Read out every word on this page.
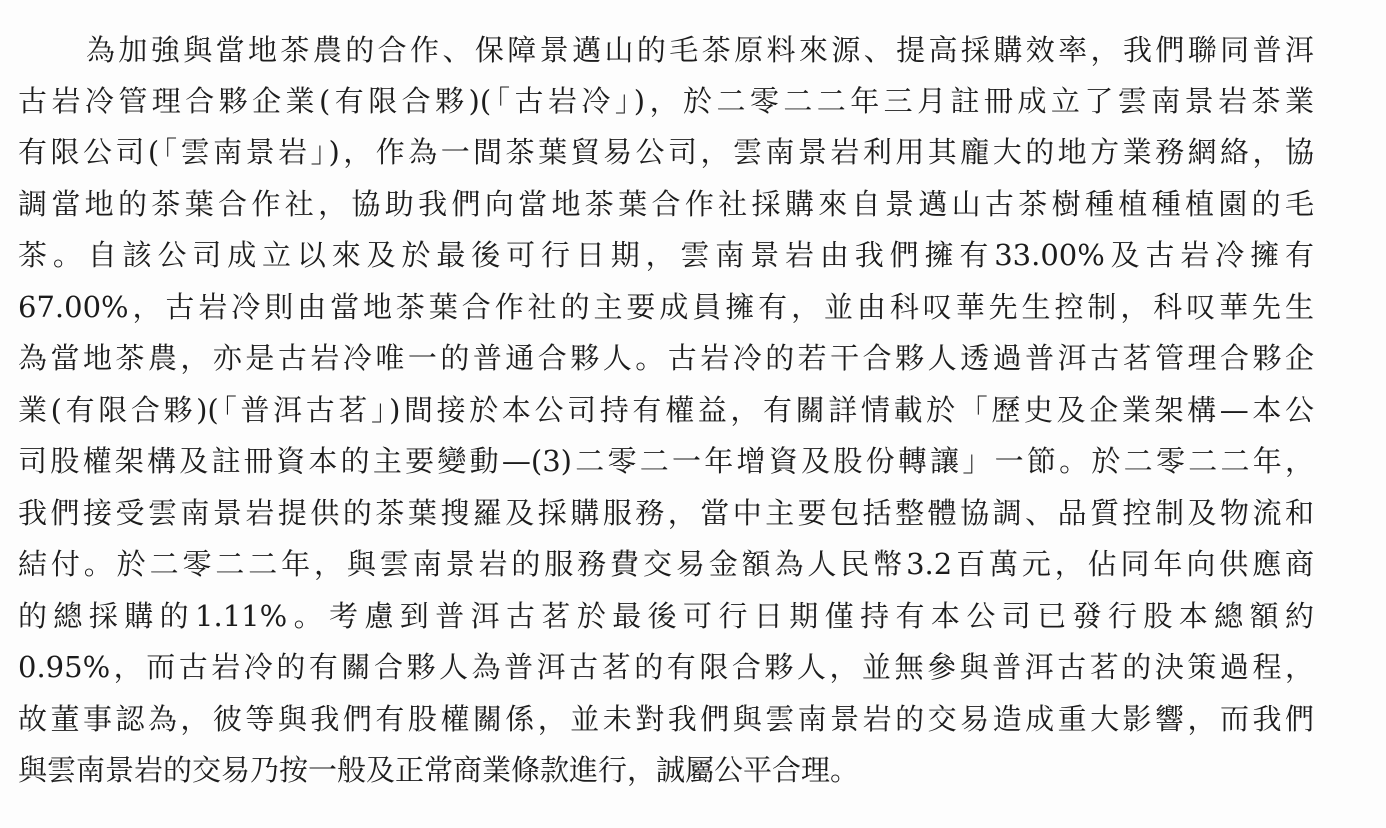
為加強與當地茶農的合作、保障景邁山的毛茶原料來源、提高採購效率，我們聯同普洱
古岩冷管理合夥企業(有限合夥)(「古岩冷」)，於二零二二年三月註冊成立了雲南景岩茶業
有限公司(「雲南景岩」)，作為一間茶葉貿易公司，雲南景岩利用其龐大的地方業務網絡，協
調當地的茶葉合作社，協助我們向當地茶葉合作社採購來自景邁山古茶樹種植種植園的毛
茶。自該公司成立以來及於最後可行日期，雲南景岩由我們擁有33.00%及古岩冷擁有
67.00%，古岩冷則由當地茶葉合作社的主要成員擁有，並由科叹華先生控制，科叹華先生
為當地茶農，亦是古岩冷唯一的普通合夥人。古岩冷的若干合夥人透過普洱古茗管理合夥企
業(有限合夥)(「普洱古茗」)間接於本公司持有權益，有關詳情載於「歷史及企業架構—本公
司股權架構及註冊資本的主要變動—(3)二零二一年增資及股份轉讓」一節。於二零二二年，
我們接受雲南景岩提供的茶葉搜羅及採購服務，當中主要包括整體協調、品質控制及物流和
結付。於二零二二年，與雲南景岩的服務費交易金額為人民幣3.2百萬元，佔同年向供應商
的總採購的1.11%。考慮到普洱古茗於最後可行日期僅持有本公司已發行股本總額約
0.95%，而古岩冷的有關合夥人為普洱古茗的有限合夥人，並無參與普洱古茗的決策過程，
故董事認為，彼等與我們有股權關係，並未對我們與雲南景岩的交易造成重大影響，而我們
與雲南景岩的交易乃按一般及正常商業條款進行，誠屬公平合理。
